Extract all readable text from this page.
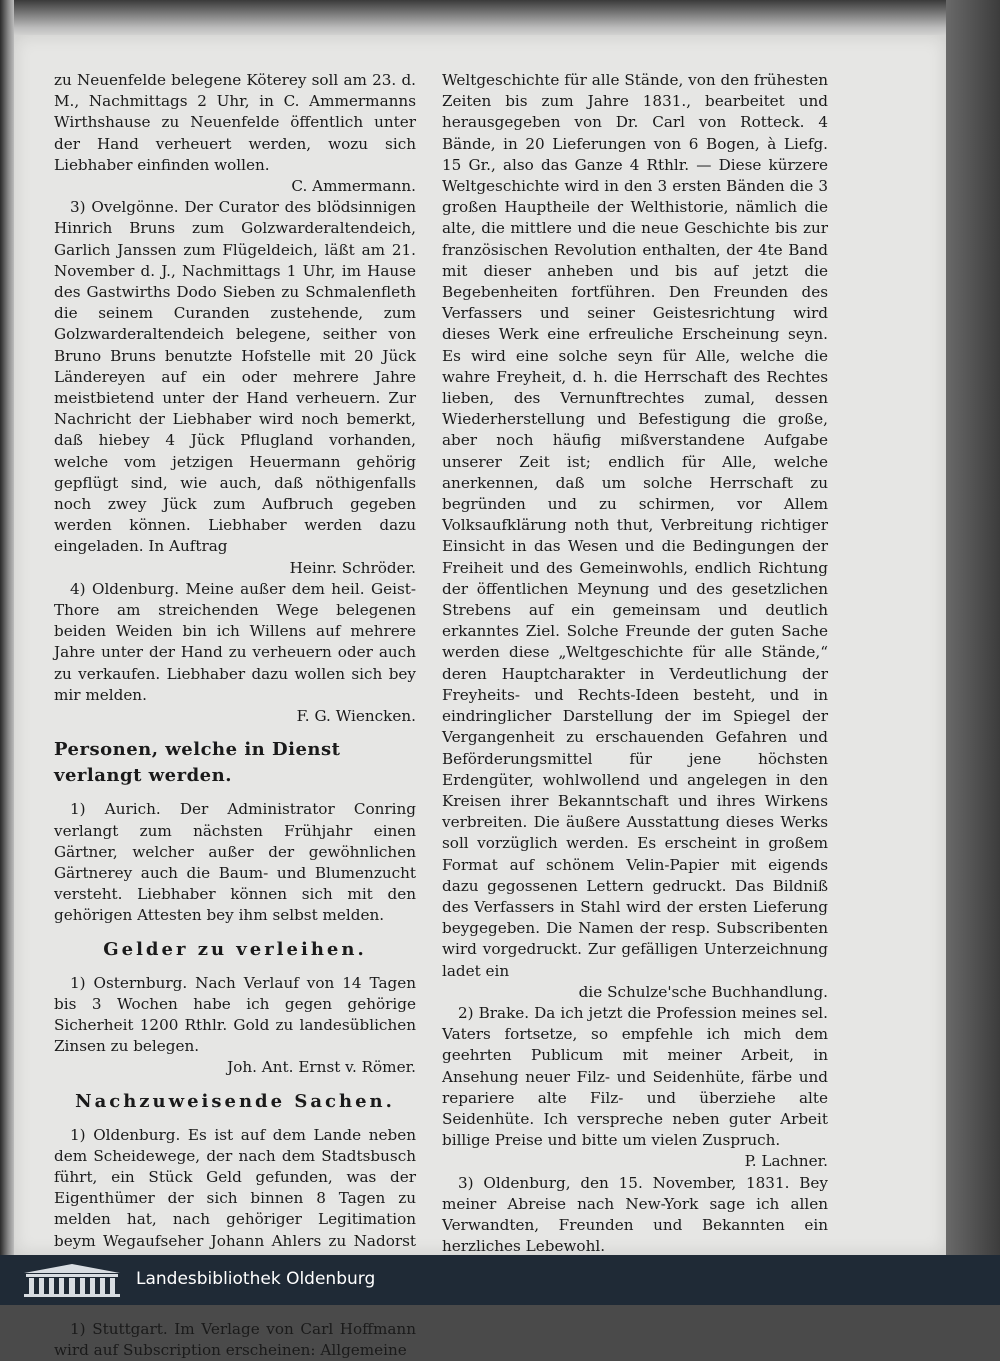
zu Neuenfelde belegene Köterey soll am 23. d. M., Nachmittags 2 Uhr, in C. Ammermanns Wirthshause zu Neuenfelde öffentlich unter der Hand verheuert werden, wozu sich Liebhaber einfinden wollen.

C. Ammermann.

3) Ovelgönne. Der Curator des blödsinnigen Hinrich Bruns zum Golzwarderaltendeich, Garlich Janssen zum Flügeldeich, läßt am 21. November d. J., Nachmittags 1 Uhr, im Hause des Gastwirths Dodo Sieben zu Schmalenfleth die seinem Curanden zustehende, zum Golzwarderaltendeich belegene, seither von Bruno Bruns benutzte Hofstelle mit 20 Jück Ländereyen auf ein oder mehrere Jahre meistbietend unter der Hand verheuern. Zur Nachricht der Liebhaber wird noch bemerkt, daß hiebey 4 Jück Pflugland vorhanden, welche vom jetzigen Heuermann gehörig gepflügt sind, wie auch, daß nöthigenfalls noch zwey Jück zum Aufbruch gegeben werden können. Liebhaber werden dazu eingeladen. In Auftrag

Heinr. Schröder.

4) Oldenburg. Meine außer dem heil. Geist-Thore am streichenden Wege belegenen beiden Weiden bin ich Willens auf mehrere Jahre unter der Hand zu verheuern oder auch zu verkaufen. Liebhaber dazu wollen sich bey mir melden.

F. G. Wiencken.

Personen, welche in Dienst verlangt werden.

1) Aurich. Der Administrator Conring verlangt zum nächsten Frühjahr einen Gärtner, welcher außer der gewöhnlichen Gärtnerey auch die Baum- und Blumenzucht versteht. Liebhaber können sich mit den gehörigen Attesten bey ihm selbst melden.

Gelder zu verleihen.

1) Osternburg. Nach Verlauf von 14 Tagen bis 3 Wochen habe ich gegen gehörige Sicherheit 1200 Rthlr. Gold zu landesüblichen Zinsen zu belegen.

Joh. Ant. Ernst v. Römer.

Nachzuweisende Sachen.

1) Oldenburg. Es ist auf dem Lande neben dem Scheidewege, der nach dem Stadtsbusch führt, ein Stück Geld gefunden, was der Eigenthümer der sich binnen 8 Tagen zu melden hat, nach gehöriger Legitimation beym Wegaufseher Johann Ahlers zu Nadorst

1) Stuttgart. Im Verlage von Carl Hoffmann wird auf Subscription erscheinen: Allgemeine

Weltgeschichte für alle Stände, von den frühesten Zeiten bis zum Jahre 1831., bearbeitet und herausgegeben von Dr. Carl von Rotteck. 4 Bände, in 20 Lieferungen von 6 Bogen, à Liefg. 15 Gr., also das Ganze 4 Rthlr. — Diese kürzere Weltgeschichte wird in den 3 ersten Bänden die 3 großen Hauptheile der Welthistorie, nämlich die alte, die mittlere und die neue Geschichte bis zur französischen Revolution enthalten, der 4te Band mit dieser anheben und bis auf jetzt die Begebenheiten fortführen. Den Freunden des Verfassers und seiner Geistesrichtung wird dieses Werk eine erfreuliche Erscheinung seyn. Es wird eine solche seyn für Alle, welche die wahre Freyheit, d. h. die Herrschaft des Rechtes lieben, des Vernunftrechtes zumal, dessen Wiederherstellung und Befestigung die große, aber noch häufig mißverstandene Aufgabe unserer Zeit ist; endlich für Alle, welche anerkennen, daß um solche Herrschaft zu begründen und zu schirmen, vor Allem Volksaufklärung noth thut, Verbreitung richtiger Einsicht in das Wesen und die Bedingungen der Freiheit und des Gemeinwohls, endlich Richtung der öffentlichen Meynung und des gesetzlichen Strebens auf ein gemeinsam und deutlich erkanntes Ziel. Solche Freunde der guten Sache werden diese „Weltgeschichte für alle Stände,“ deren Hauptcharakter in Verdeutlichung der Freyheits- und Rechts-Ideen besteht, und in eindringlicher Darstellung der im Spiegel der Vergangenheit zu erschauenden Gefahren und Beförderungsmittel für jene höchsten Erdengüter, wohlwollend und angelegen in den Kreisen ihrer Bekanntschaft und ihres Wirkens verbreiten. Die äußere Ausstattung dieses Werks soll vorzüglich werden. Es erscheint in großem Format auf schönem Velin-Papier mit eigends dazu gegossenen Lettern gedruckt. Das Bildniß des Verfassers in Stahl wird der ersten Lieferung beygegeben. Die Namen der resp. Subscribenten wird vorgedruckt. Zur gefälligen Unterzeichnung ladet ein

die Schulze'sche Buchhandlung.

2) Brake. Da ich jetzt die Profession meines sel. Vaters fortsetze, so empfehle ich mich dem geehrten Publicum mit meiner Arbeit, in Ansehung neuer Filz- und Seidenhüte, färbe und repariere alte Filz- und überziehe alte Seidenhüte. Ich verspreche neben guter Arbeit billige Preise und bitte um vielen Zuspruch.

P. Lachner.

3) Oldenburg, den 15. November, 1831. Bey meiner Abreise nach New-York sage ich allen Verwandten, Freunden und Bekannten ein herzliches Lebewohl.

Landesbibliothek Oldenburg
